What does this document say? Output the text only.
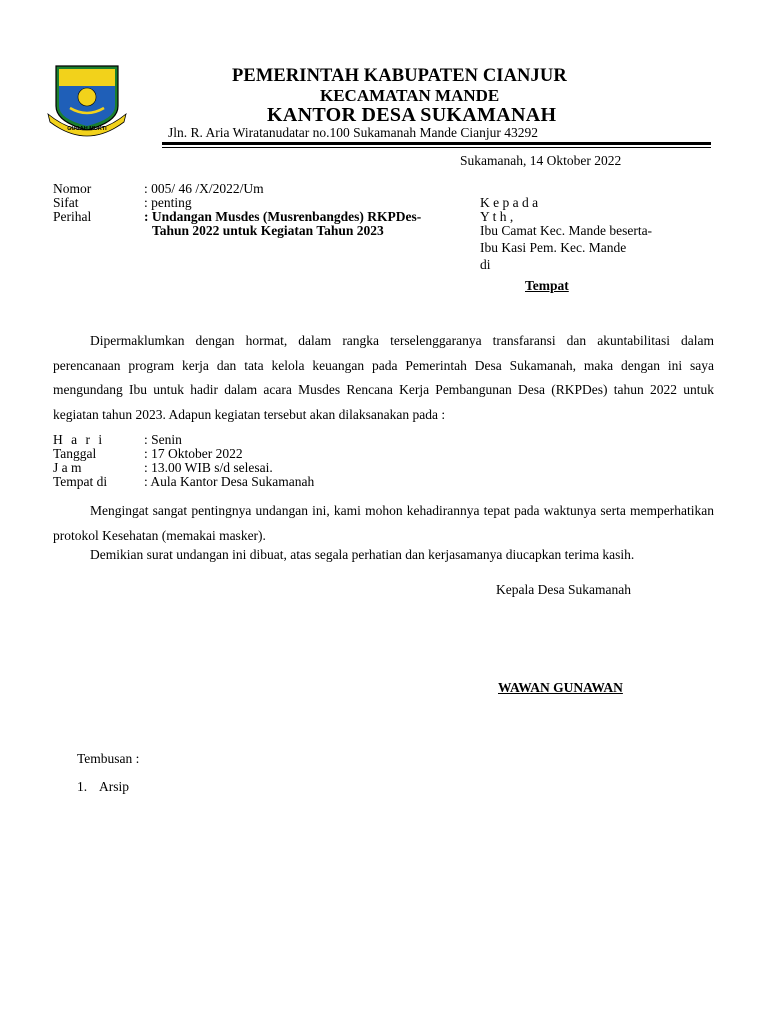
GUGAH MUKTI
PEMERINTAH KABUPATEN CIANJUR
KECAMATAN MANDE
KANTOR DESA SUKAMANAH
Jln. R. Aria Wiratanudatar no.100 Sukamanah Mande Cianjur 43292
Sukamanah, 14 Oktober 2022
Nomor	: 005/ 46 /X/2022/Um
Sifat	: penting
Perihal	: Undangan Musdes (Musrenbangdes) RKPDes-
Tahun 2022 untuk Kegiatan Tahun 2023
K e p a d a
Y t h ,
Ibu Camat Kec. Mande beserta-
Ibu Kasi Pem. Kec. Mande
di
Tempat
Dipermaklumkan dengan hormat, dalam rangka terselenggaranya transfaransi dan akuntabilitasi dalam perencanaan program kerja dan tata kelola keuangan pada Pemerintah Desa Sukamanah, maka dengan ini saya mengundang Ibu untuk hadir dalam acara Musdes Rencana Kerja Pembangunan Desa (RKPDes) tahun 2022 untuk kegiatan tahun 2023. Adapun kegiatan tersebut akan dilaksanakan pada :
H a r i	: Senin
Tanggal	: 17 Oktober 2022
J a m	: 13.00 WIB s/d selesai.
Tempat di	: Aula Kantor Desa Sukamanah
Mengingat sangat pentingnya undangan ini, kami mohon kehadirannya tepat pada waktunya serta memperhatikan protokol Kesehatan (memakai masker).
Demikian surat undangan ini dibuat, atas segala perhatian dan kerjasamanya diucapkan terima kasih.
Kepala Desa Sukamanah
WAWAN GUNAWAN
Tembusan :
1. Arsip
